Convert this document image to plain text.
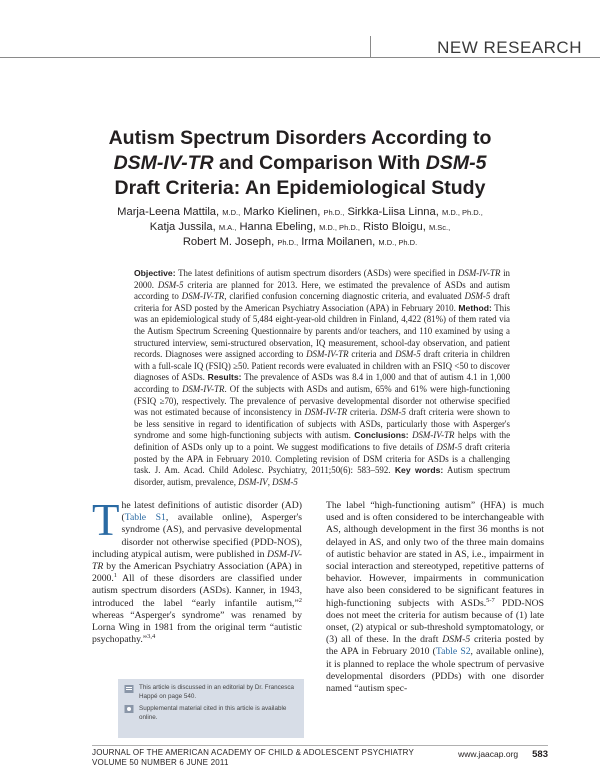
NEW RESEARCH
Autism Spectrum Disorders According to
DSM-IV-TR and Comparison With DSM-5
Draft Criteria: An Epidemiological Study
Marja-Leena Mattila, M.D., Marko Kielinen, Ph.D., Sirkka-Liisa Linna, M.D., Ph.D.,
Katja Jussila, M.A., Hanna Ebeling, M.D., Ph.D., Risto Bloigu, M.Sc.,
Robert M. Joseph, Ph.D., Irma Moilanen, M.D., Ph.D.
Objective: The latest definitions of autism spectrum disorders (ASDs) were specified in DSM-IV-TR in 2000. DSM-5 criteria are planned for 2013. Here, we estimated the prevalence of ASDs and autism according to DSM-IV-TR, clarified confusion concerning diagnostic criteria, and evaluated DSM-5 draft criteria for ASD posted by the American Psychiatry Association (APA) in February 2010. Method: This was an epidemiological study of 5,484 eight-year-old children in Finland, 4,422 (81%) of them rated via the Autism Spectrum Screening Questionnaire by parents and/or teachers, and 110 examined by using a structured interview, semi-structured observation, IQ measurement, school-day observation, and patient records. Diagnoses were assigned according to DSM-IV-TR criteria and DSM-5 draft criteria in children with a full-scale IQ (FSIQ) ≥50. Patient records were evaluated in children with an FSIQ <50 to discover diagnoses of ASDs. Results: The prevalence of ASDs was 8.4 in 1,000 and that of autism 4.1 in 1,000 according to DSM-IV-TR. Of the subjects with ASDs and autism, 65% and 61% were high-functioning (FSIQ ≥70), respectively. The prevalence of pervasive developmental disorder not otherwise specified was not estimated because of inconsistency in DSM-IV-TR criteria. DSM-5 draft criteria were shown to be less sensitive in regard to identification of subjects with ASDs, particularly those with Asperger's syndrome and some high-functioning subjects with autism. Conclusions: DSM-IV-TR helps with the definition of ASDs only up to a point. We suggest modifications to five details of DSM-5 draft criteria posted by the APA in February 2010. Completing revision of DSM criteria for ASDs is a challenging task. J. Am. Acad. Child Adolesc. Psychiatry, 2011;50(6): 583–592. Key words: Autism spectrum disorder, autism, prevalence, DSM-IV, DSM-5
The latest definitions of autistic disorder (AD) (Table S1, available online), Asperger's syndrome (AS), and pervasive developmental disorder not otherwise specified (PDD-NOS), including atypical autism, were published in DSM-IV-TR by the American Psychiatry Association (APA) in 2000.$^1$ All of these disorders are classified under autism spectrum disorders (ASDs). Kanner, in 1943, introduced the label “early infantile autism,”$^2$ whereas “Asperger's syndrome” was renamed by Lorna Wing in 1981 from the original term “autistic psychopathy.”$^{3,4}$
The label “high-functioning autism” (HFA) is much used and is often considered to be interchangeable with AS, although development in the first 36 months is not delayed in AS, and only two of the three main domains of autistic behavior are stated in AS, i.e., impairment in social interaction and stereotyped, repetitive patterns of behavior. However, impairments in communication have also been considered to be significant features in high-functioning subjects with ASDs.$^{5-7}$ PDD-NOS does not meet the criteria for autism because of (1) late onset, (2) atypical or sub-threshold symptomatology, or (3) all of these. In the draft DSM-5 criteria posted by the APA in February 2010 (Table S2, available online), it is planned to replace the whole spectrum of pervasive developmental disorders (PDDs) with one disorder named “autism spec-
This article is discussed in an editorial by Dr. Francesca Happé on page 540.
Supplemental material cited in this article is available online.
JOURNAL OF THE AMERICAN ACADEMY OF CHILD & ADOLESCENT PSYCHIATRY
VOLUME 50 NUMBER 6 JUNE 2011
www.jaacap.org 583
